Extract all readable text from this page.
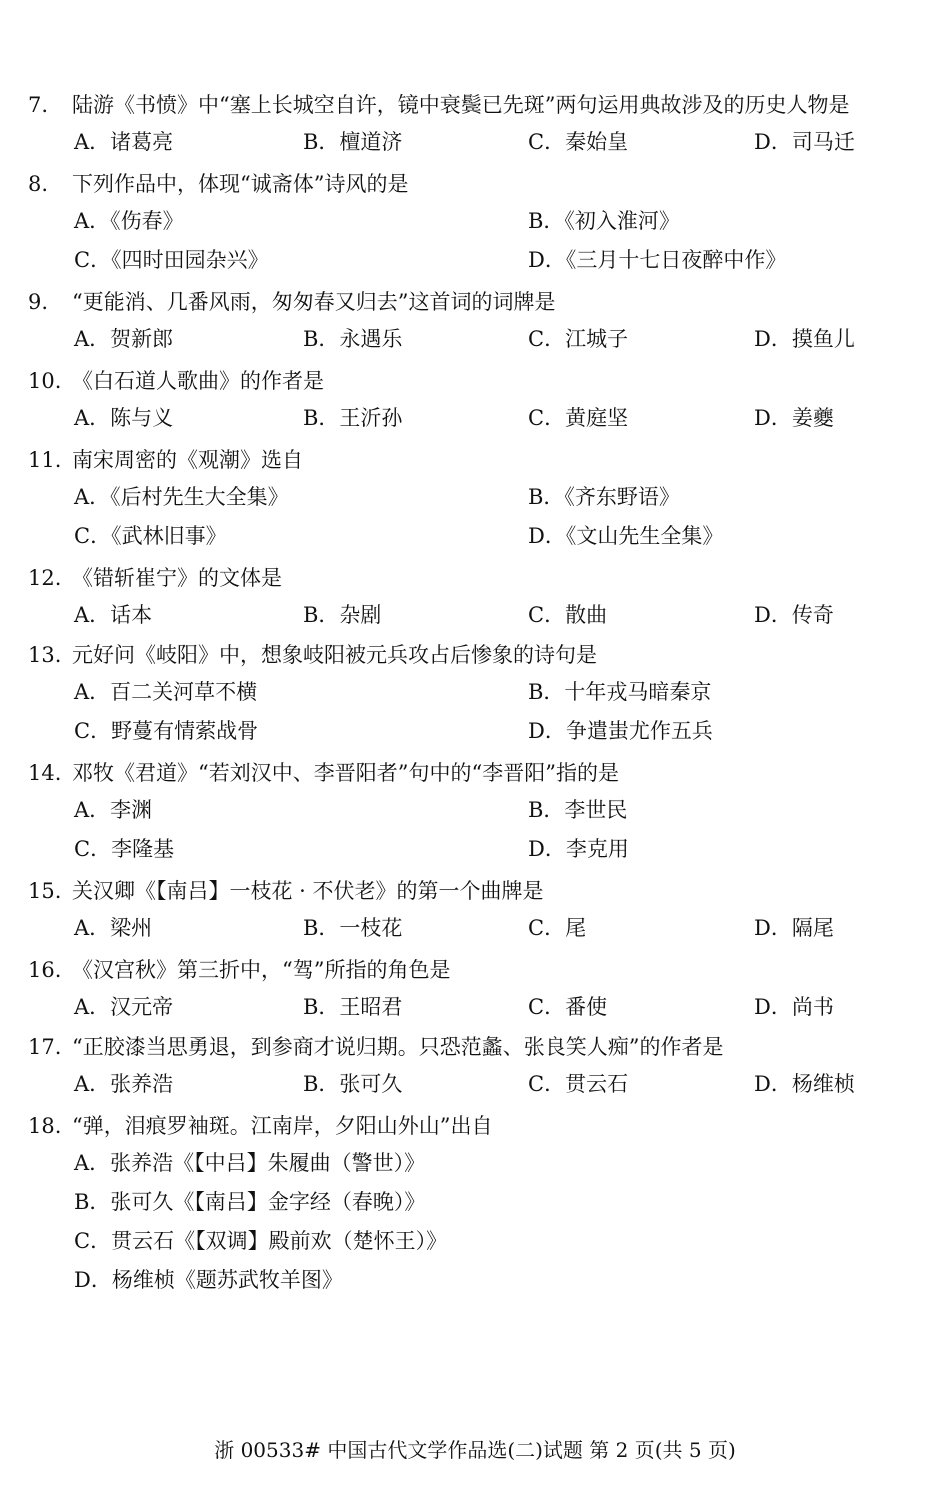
7. 陆游《书愤》中“塞上长城空自许，镜中衰鬓已先斑”两句运用典故涉及的历史人物是
A．诸葛亮	B．檀道济	C．秦始皇	D．司马迁
8. 下列作品中，体现“诚斋体”诗风的是
A．《伤春》	B．《初入淮河》
C．《四时田园杂兴》	D．《三月十七日夜醉中作》
9. “更能消、几番风雨，匆匆春又归去”这首词的词牌是
A．贺新郎	B．永遇乐	C．江城子	D．摸鱼儿
10. 《白石道人歌曲》的作者是
A．陈与义	B．王沂孙	C．黄庭坚	D．姜夔
11. 南宋周密的《观潮》选自
A．《后村先生大全集》	B．《齐东野语》
C．《武林旧事》	D．《文山先生全集》
12. 《错斩崔宁》的文体是
A．话本	B．杂剧	C．散曲	D．传奇
13. 元好问《岐阳》中，想象岐阳被元兵攻占后惨象的诗句是
A．百二关河草不横	B．十年戎马暗秦京
C．野蔓有情萦战骨	D．争遣蚩尤作五兵
14. 邓牧《君道》“若刘汉中、李晋阳者”句中的“李晋阳”指的是
A．李渊	B．李世民
C．李隆基	D．李克用
15. 关汉卿《【南吕】一枝花 · 不伏老》的第一个曲牌是
A．梁州	B．一枝花	C．尾	D．隔尾
16. 《汉宫秋》第三折中，“驾”所指的角色是
A．汉元帝	B．王昭君	C．番使	D．尚书
17. “正胶漆当思勇退，到参商才说归期。只恐范蠡、张良笑人痴”的作者是
A．张养浩	B．张可久	C．贯云石	D．杨维桢
18. “弹，泪痕罗袖斑。江南岸，夕阳山外山”出自
A．张养浩《【中吕】朱履曲（警世）》
B．张可久《【南吕】金字经（春晚）》
C．贯云石《【双调】殿前欢（楚怀王）》
D．杨维桢《题苏武牧羊图》
浙 00533# 中国古代文学作品选(二)试题 第 2 页(共 5 页)
